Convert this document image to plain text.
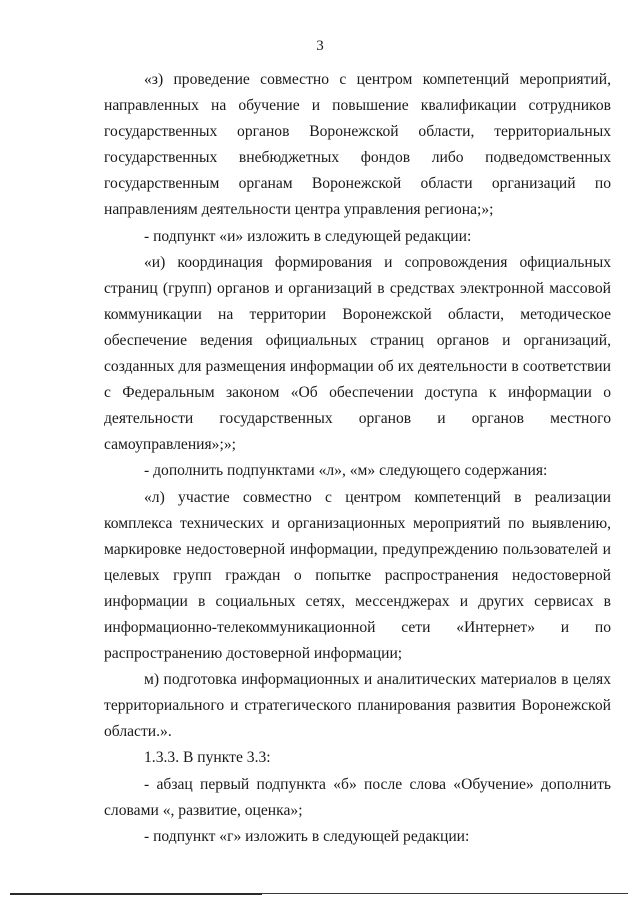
3

«з) проведение совместно с центром компетенций мероприятий, направленных на обучение и повышение квалификации сотрудников государственных органов Воронежской области, территориальных государственных внебюджетных фондов либо подведомственных государственным органам Воронежской области организаций по направлениям деятельности центра управления региона;»;

- подпункт «и» изложить в следующей редакции:

«и) координация формирования и сопровождения официальных страниц (групп) органов и организаций в средствах электронной массовой коммуникации на территории Воронежской области, методическое обеспечение ведения официальных страниц органов и организаций, созданных для размещения информации об их деятельности в соответствии с Федеральным законом «Об обеспечении доступа к информации о деятельности государственных органов и органов местного самоуправления»;»;

- дополнить подпунктами «л», «м» следующего содержания:

«л) участие совместно с центром компетенций в реализации комплекса технических и организационных мероприятий по выявлению, маркировке недостоверной информации, предупреждению пользователей и целевых групп граждан о попытке распространения недостоверной информации в социальных сетях, мессенджерах и других сервисах в информационно-телекоммуникационной сети «Интернет» и по распространению достоверной информации;

м) подготовка информационных и аналитических материалов в целях территориального и стратегического планирования развития Воронежской области.».

1.3.3. В пункте 3.3:

- абзац первый подпункта «б» после слова «Обучение» дополнить словами «, развитие, оценка»;

- подпункт «г» изложить в следующей редакции:
